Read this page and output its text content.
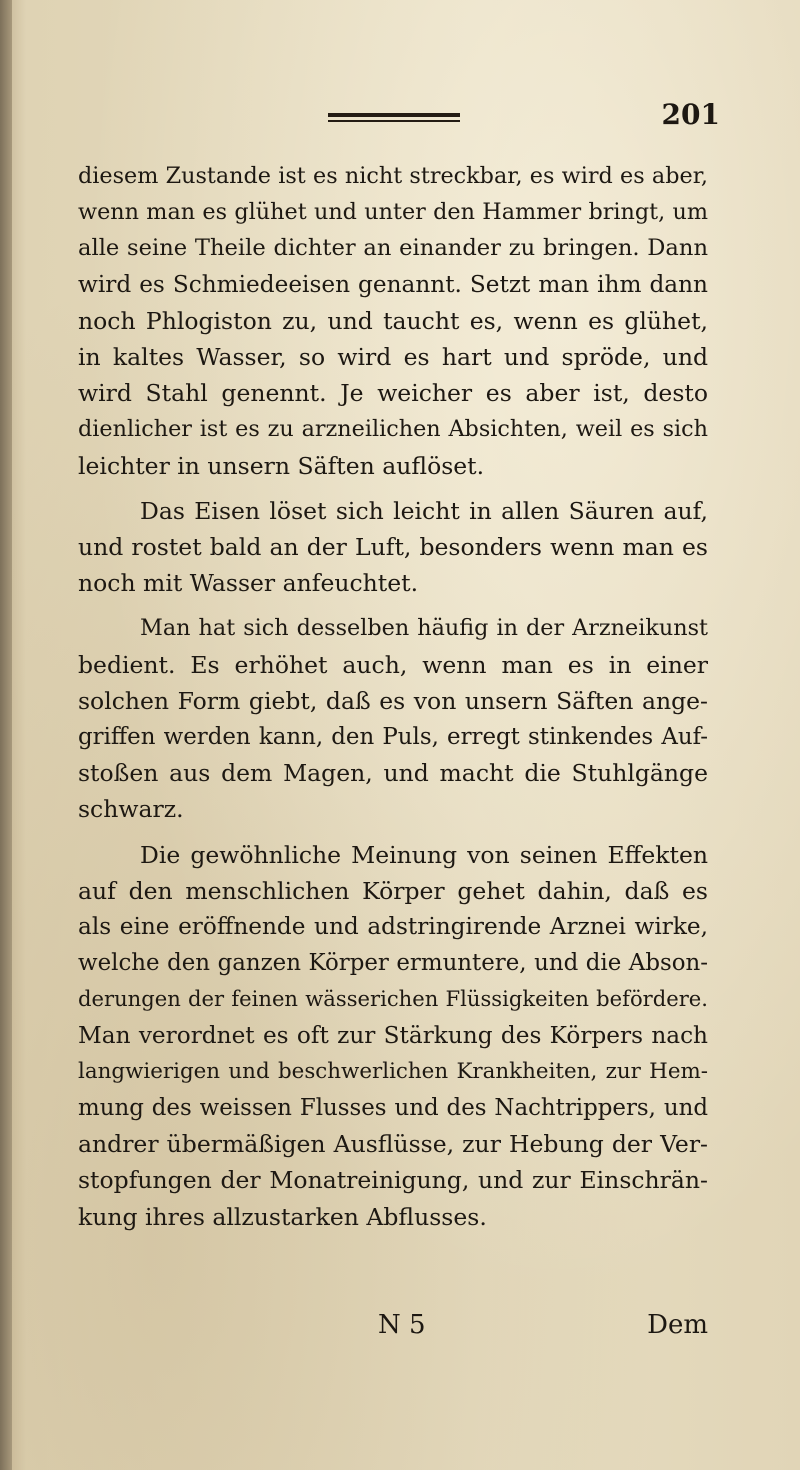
201
diesem Zustande ist es nicht streckbar, es wird es aber,
wenn man es glühet und unter den Hammer bringt, um
alle seine Theile dichter an einander zu bringen. Dann
wird es Schmiedeeisen genannt. Setzt man ihm dann
noch Phlogiston zu, und taucht es, wenn es glühet,
in kaltes Wasser, so wird es hart und spröde, und
wird Stahl genennt. Je weicher es aber ist, desto
dienlicher ist es zu arzneilichen Absichten, weil es sich
leichter in unsern Säften auflöset.
Das Eisen löset sich leicht in allen Säuren auf,
und rostet bald an der Luft, besonders wenn man es
noch mit Wasser anfeuchtet.
Man hat sich desselben häufig in der Arzneikunst
bedient. Es erhöhet auch, wenn man es in einer
solchen Form giebt, daß es von unsern Säften ange-
griffen werden kann, den Puls, erregt stinkendes Auf-
stoßen aus dem Magen, und macht die Stuhlgänge
schwarz.
Die gewöhnliche Meinung von seinen Effekten
auf den menschlichen Körper gehet dahin, daß es
als eine eröffnende und adstringirende Arznei wirke,
welche den ganzen Körper ermuntere, und die Abson-
derungen der feinen wässerichen Flüssigkeiten befördere.
Man verordnet es oft zur Stärkung des Körpers nach
langwierigen und beschwerlichen Krankheiten, zur Hem-
mung des weissen Flusses und des Nachtrippers, und
andrer übermäßigen Ausflüsse, zur Hebung der Ver-
stopfungen der Monatreinigung, und zur Einschrän-
kung ihres allzustarken Abflusses.
N 5	Dem
